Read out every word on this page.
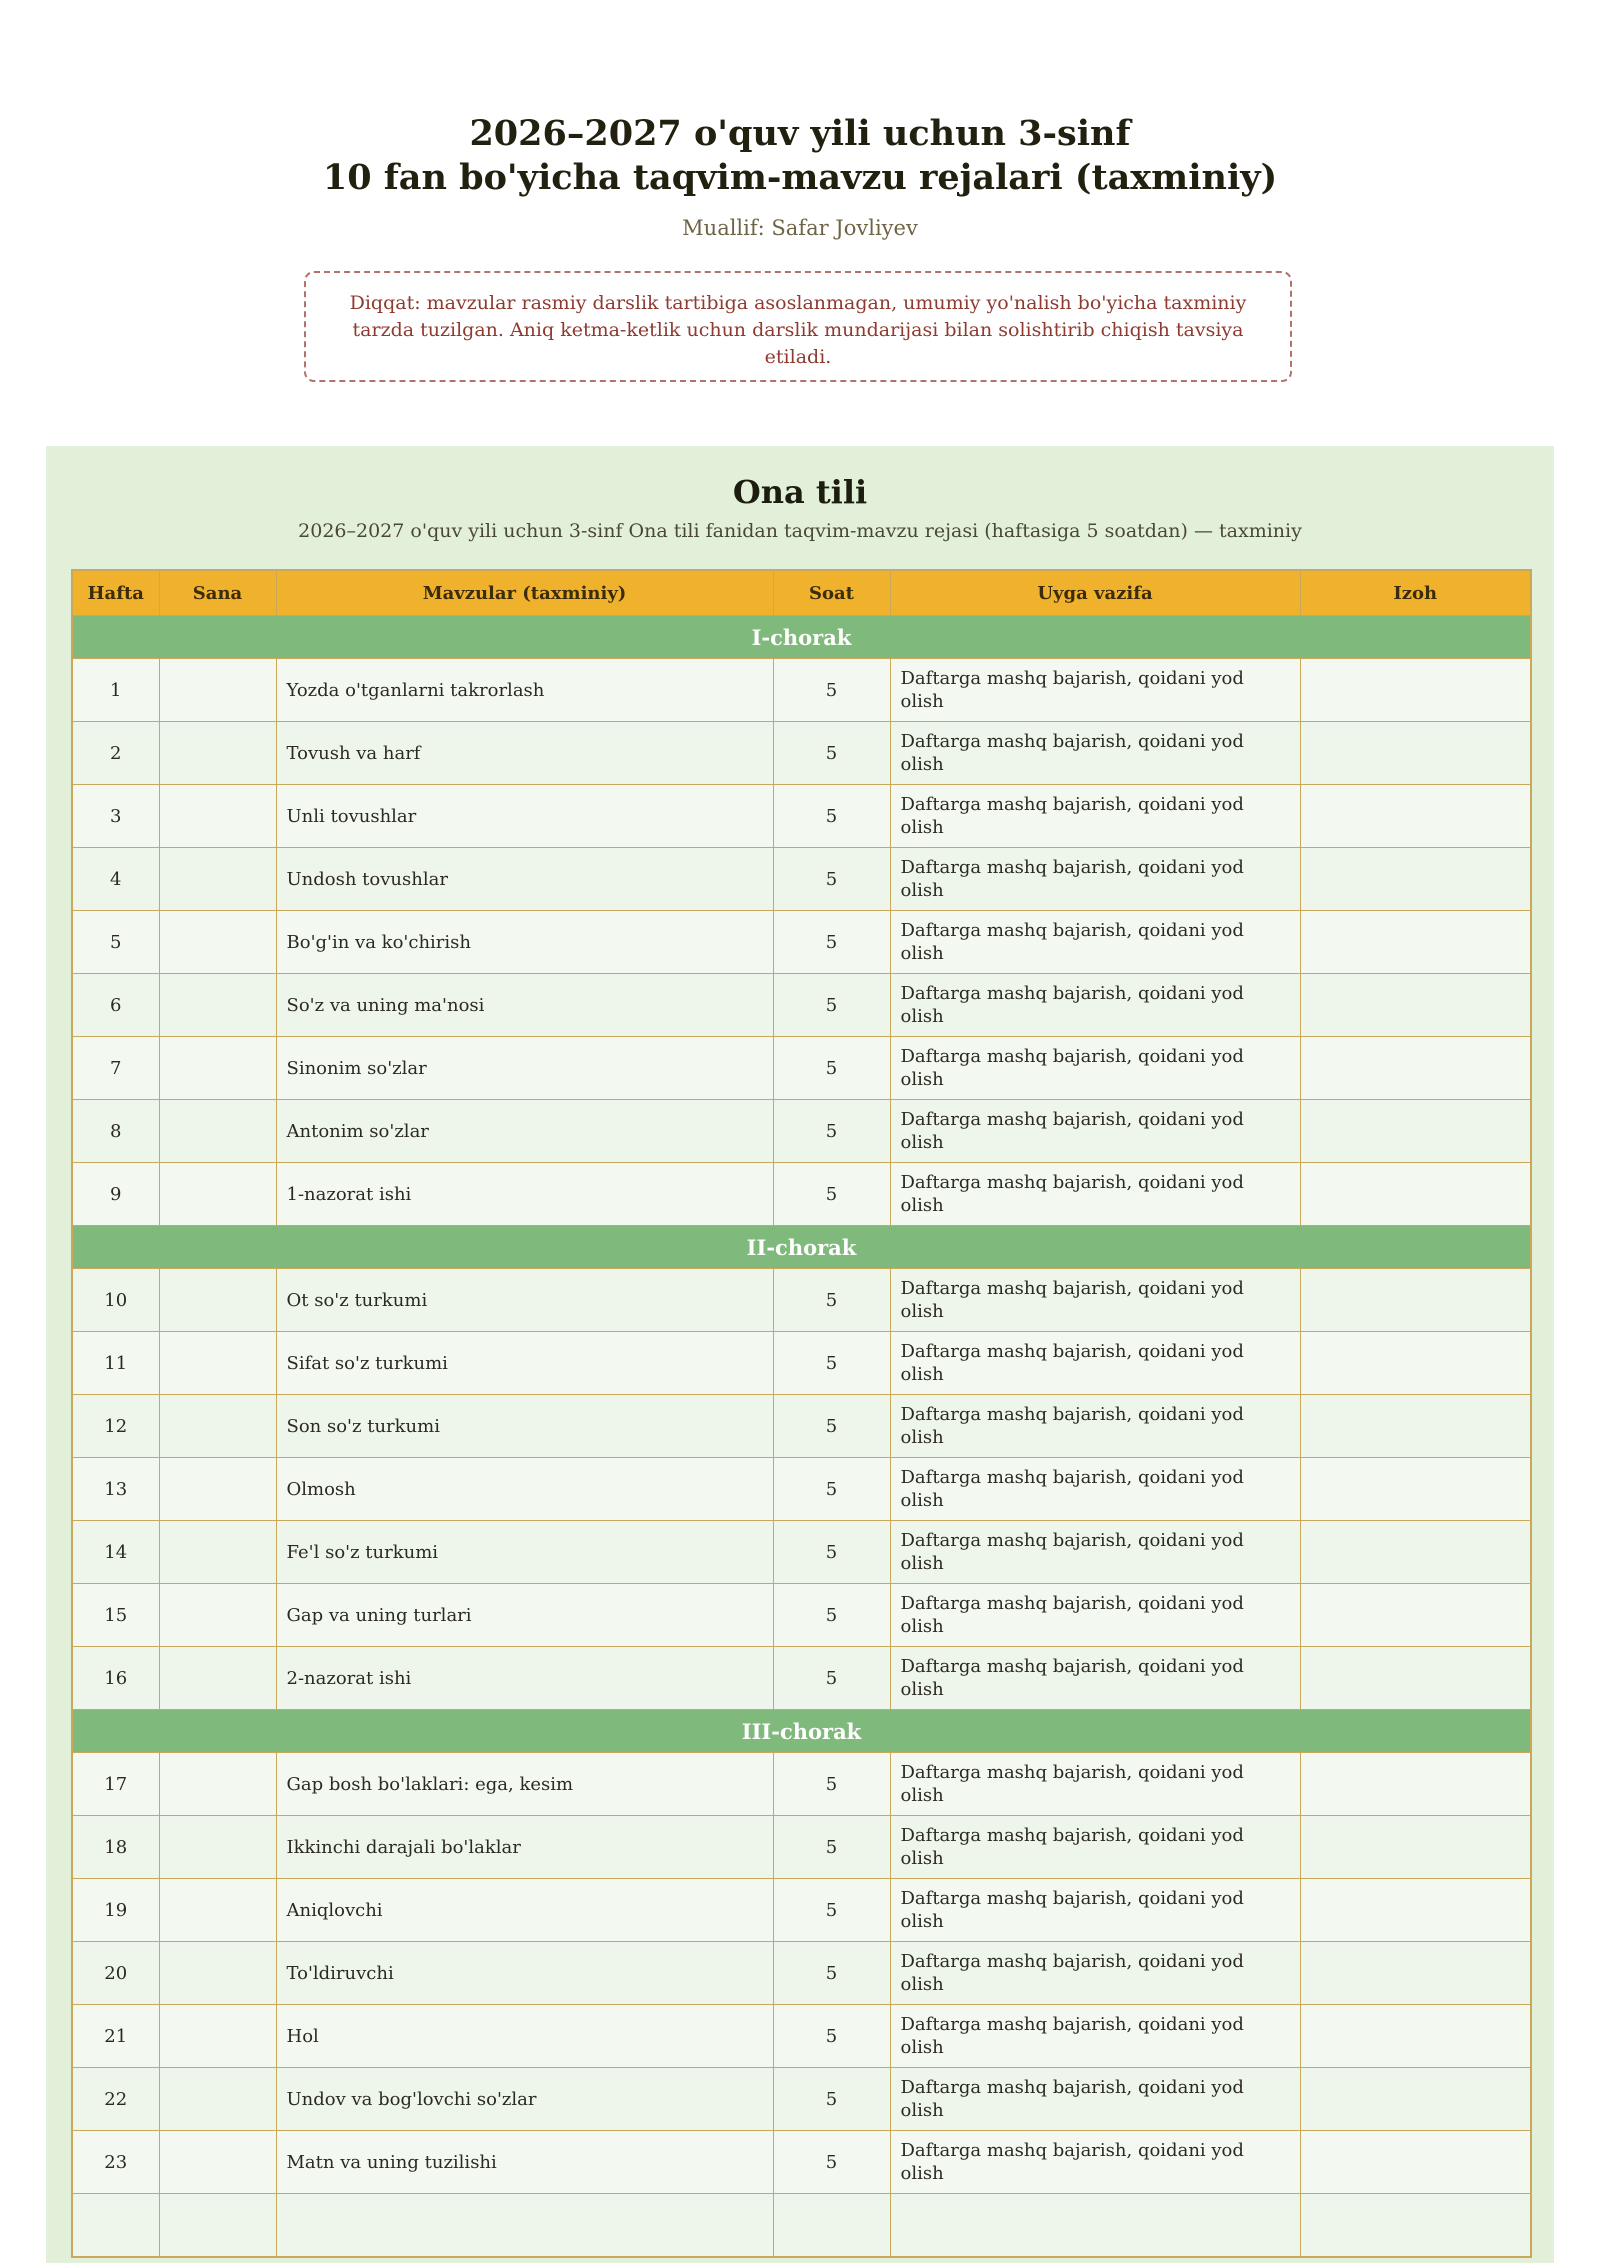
2026–2027 o'quv yili uchun 3-sinf
10 fan bo'yicha taqvim-mavzu rejalari (taxminiy)
Muallif: Safar Jovliyev
Diqqat: mavzular rasmiy darslik tartibiga asoslanmagan, umumiy yo'nalish bo'yicha taxminiy tarzda tuzilgan. Aniq ketma-ketlik uchun darslik mundarijasi bilan solishtirib chiqish tavsiya etiladi.
Ona tili
2026–2027 o'quv yili uchun 3-sinf Ona tili fanidan taqvim-mavzu rejasi (haftasiga 5 soatdan) — taxminiy
Hafta	Sana	Mavzular (taxminiy)	Soat	Uyga vazifa	Izoh
I-chorak					
1		Yozda o'tganlarni takrorlash	5	Daftarga mashq bajarish, qoidani yod olish	
2		Tovush va harf	5	Daftarga mashq bajarish, qoidani yod olish	
3		Unli tovushlar	5	Daftarga mashq bajarish, qoidani yod olish	
4		Undosh tovushlar	5	Daftarga mashq bajarish, qoidani yod olish	
5		Bo'g'in va ko'chirish	5	Daftarga mashq bajarish, qoidani yod olish	
6		So'z va uning ma'nosi	5	Daftarga mashq bajarish, qoidani yod olish	
7		Sinonim so'zlar	5	Daftarga mashq bajarish, qoidani yod olish	
8		Antonim so'zlar	5	Daftarga mashq bajarish, qoidani yod olish	
9		1-nazorat ishi	5	Daftarga mashq bajarish, qoidani yod olish	
II-chorak					
10		Ot so'z turkumi	5	Daftarga mashq bajarish, qoidani yod olish	
11		Sifat so'z turkumi	5	Daftarga mashq bajarish, qoidani yod olish	
12		Son so'z turkumi	5	Daftarga mashq bajarish, qoidani yod olish	
13		Olmosh	5	Daftarga mashq bajarish, qoidani yod olish	
14		Fe'l so'z turkumi	5	Daftarga mashq bajarish, qoidani yod olish	
15		Gap va uning turlari	5	Daftarga mashq bajarish, qoidani yod olish	
16		2-nazorat ishi	5	Daftarga mashq bajarish, qoidani yod olish	
III-chorak					
17		Gap bosh bo'laklari: ega, kesim	5	Daftarga mashq bajarish, qoidani yod olish	
18		Ikkinchi darajali bo'laklar	5	Daftarga mashq bajarish, qoidani yod olish	
19		Aniqlovchi	5	Daftarga mashq bajarish, qoidani yod olish	
20		To'ldiruvchi	5	Daftarga mashq bajarish, qoidani yod olish	
21		Hol	5	Daftarga mashq bajarish, qoidani yod olish	
22		Undov va bog'lovchi so'zlar	5	Daftarga mashq bajarish, qoidani yod olish	
23		Matn va uning tuzilishi	5	Daftarga mashq bajarish, qoidani yod olish	
